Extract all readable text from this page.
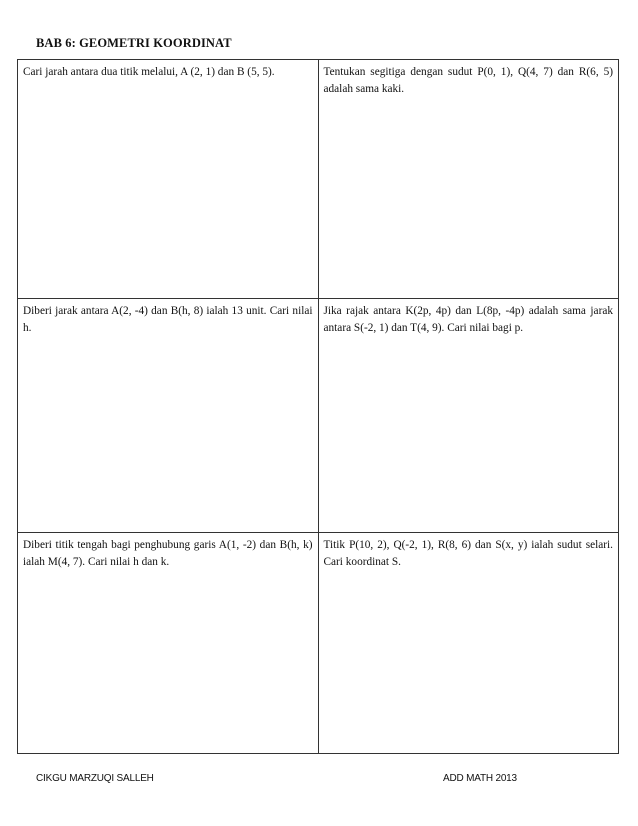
BAB 6: GEOMETRI KOORDINAT
Cari jarah antara dua titik melalui, A (2, 1) dan B (5, 5).	Tentukan segitiga dengan sudut P(0, 1), Q(4, 7) dan R(6, 5) adalah sama kaki.
Diberi jarak antara A(2, -4) dan B(h, 8) ialah 13 unit. Cari nilai h.	Jika rajak antara K(2p, 4p) dan L(8p, -4p) adalah sama jarak antara S(-2, 1) dan T(4, 9). Cari nilai bagi p.
Diberi titik tengah bagi penghubung garis A(1, -2) dan B(h, k) ialah M(4, 7). Cari nilai h dan k.	Titik P(10, 2), Q(-2, 1), R(8, 6) dan S(x, y) ialah sudut selari. Cari koordinat S.
CIKGU MARZUQI SALLEH	ADD MATH 2013
